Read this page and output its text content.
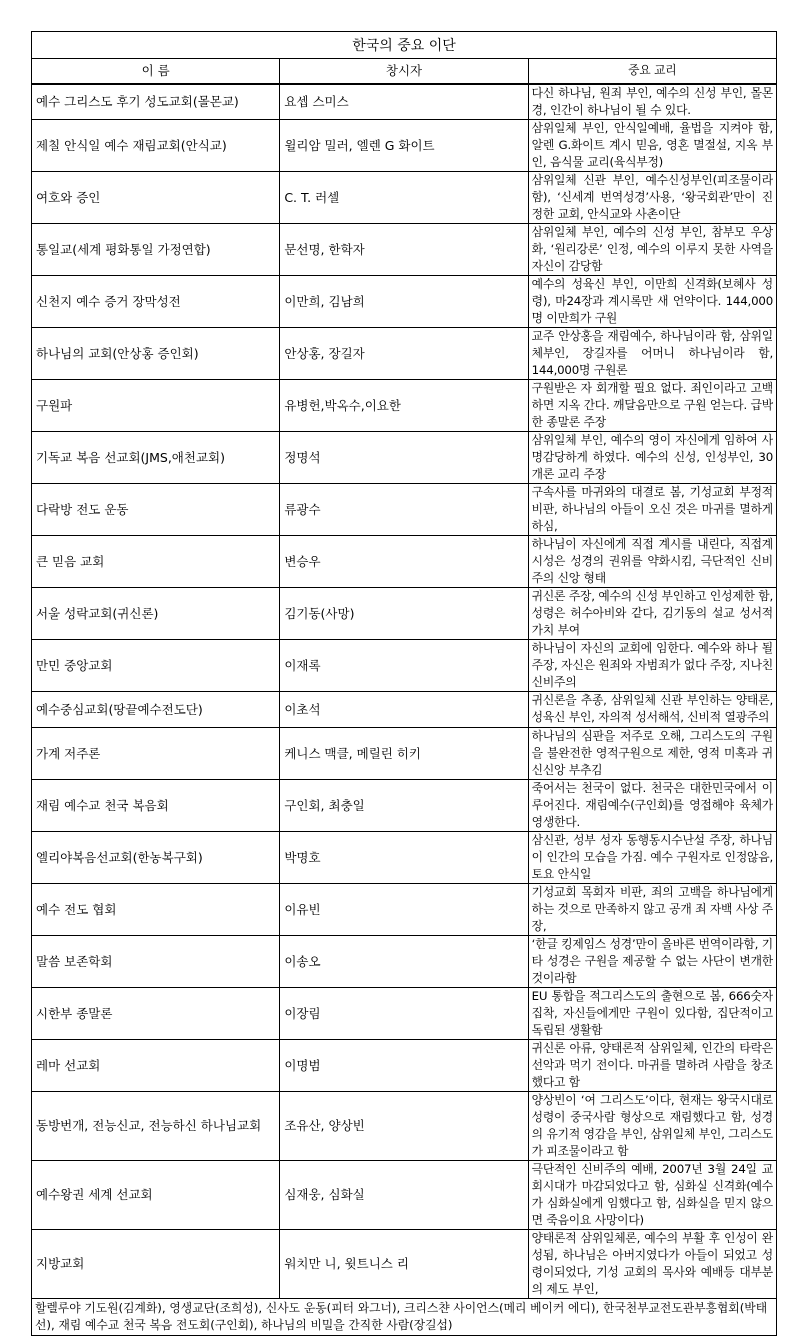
한국의 중요 이단		
이 름	창시자	중요 교리
예수 그리스도 후기 성도교회(몰몬교)	요셉 스미스	다신 하나님, 원죄 부인, 예수의 신성 부인, 몰몬경, 인간이 하나님이 될 수 있다.

제칠 안식일 예수 재림교회(안식교)	윌리암 밀러, 엘렌 G 화이트	삼위일체 부인, 안식일예배, 율법을 지켜야 함, 알렌 G.화이트 계시 믿음, 영혼 멸절설, 지옥 부인, 음식물 교리(육식부정)

여호와 증인	C. T. 러셀	삼위일체 신관 부인, 예수신성부인(피조물이라함), ‘신세계 번역성경’사용, ‘왕국회관’만이 진정한 교회, 안식교와 사촌이단

통일교(세계 평화통일 가정연합)	문선명, 한학자	삼위일체 부인, 예수의 신성 부인, 참부모 우상화, ‘원리강론’ 인정, 예수의 이루지 못한 사역을 자신이 감당함

신천지 예수 증거 장막성전	이만희, 김남희	예수의 성육신 부인, 이만희 신격화(보혜사 성령), 마24장과 계시록만 새 언약이다. 144,000명 이만희가 구원

하나님의 교회(안상홍 증인회)	안상홍, 장길자	교주 안상홍을 재림예수, 하나님이라 함, 삼위일체부인, 장길자를 어머니 하나님이라 함, 144,000명 구원론

구원파	유병헌,박옥수,이요한	구원받은 자 회개할 필요 없다. 죄인이라고 고백하면 지옥 간다. 깨달음만으로 구원 얻는다. 급박한 종말론 주장

기독교 복음 선교회(JMS,애천교회)	정명석	삼위일체 부인, 예수의 영이 자신에게 임하여 사명감당하게 하였다. 예수의 신성, 인성부인, 30개론 교리 주장

다락방 전도 운동	류광수	구속사를 마귀와의 대결로 봄, 기성교회 부정적 비판, 하나님의 아들이 오신 것은 마귀를 멸하게 하심,

큰 믿음 교회	변승우	하나님이 자신에게 직접 계시를 내린다, 직접계시성은 성경의 권위를 약화시킴, 극단적인 신비주의 신앙 형태

서울 성락교회(귀신론)	김기동(사망)	귀신론 주장, 예수의 신성 부인하고 인성제한 함, 성령은 허수아비와 같다, 김기동의 설교 성서적 가치 부여

만민 중앙교회	이재록	하나님이 자신의 교회에 임한다. 예수와 하나 될 주장, 자신은 원죄와 자범죄가 없다 주장, 지나친 신비주의

예수중심교회(땅끝예수전도단)	이초석	귀신론을 추종, 삼위일체 신관 부인하는 양태론, 성육신 부인, 자의적 성서해석, 신비적 열광주의

가계 저주론	케니스 맥클, 메릴린 히키	하나님의 심판을 저주로 오해, 그리스도의 구원을 불완전한 영적구원으로 제한, 영적 미혹과 귀신신앙 부추김

재림 예수교 천국 복음회	구인회, 최충일	죽어서는 천국이 없다. 천국은 대한민국에서 이루어진다. 재림예수(구인회)를 영접해야 육체가 영생한다.

엘리야복음선교회(한농복구회)	박명호	삼신관, 성부 성자 동행동시수난설 주장, 하나님이 인간의 모습을 가짐. 예수 구원자로 인정않음, 토요 안식일

예수 전도 협회	이유빈	기성교회 목회자 비판, 죄의 고백을 하나님에게 하는 것으로 만족하지 않고 공개 죄 자백 사상 주장,

말씀 보존학회	이송오	‘한글 킹제임스 성경’만이 올바른 번역이라함, 기타 성경은 구원을 제공할 수 없는 사단이 변개한 것이라함

시한부 종말론	이장림	EU 통합을 적그리스도의 출현으로 봄, 666숫자 집착, 자신들에게만 구원이 있다함, 집단적이고 독립된 생활함

레마 선교회	이명범	귀신론 아류, 양태론적 삼위일체, 인간의 타락은 선악과 먹기 전이다. 마귀를 멸하려 사람을 창조했다고 함

동방번개, 전능신교, 전능하신 하나님교회	조유산, 양상빈	양상빈이 ‘여 그리스도’이다, 현재는 왕국시대로 성령이 중국사람 형상으로 재림했다고 함, 성경의 유기적 영감을 부인, 삼위일체 부인, 그리스도가 피조물이라고 함

예수왕권 세계 선교회	심재웅, 심화실	극단적인 신비주의 예배, 2007년 3월 24일 교회시대가 마감되었다고 함, 심화실 신격화(예수가 심화실에게 임했다고 함, 심화실을 믿지 않으면 죽음이요 사망이다)

지방교회	워치만 니, 윗트니스 리	양태론적 삼위일체론, 예수의 부활 후 인성이 완성됨, 하나님은 아버지였다가 아들이 되었고 성령이되었다, 기성 교회의 목사와 예배등 대부분의 제도 부인,

할렐루야 기도원(김계화), 영생교단(조희성), 신사도 운동(피터 와그너), 크리스챤 사이언스(메리 베이커 에디), 한국천부교전도관부흥협회(박태선), 재림 예수교 천국 복음 전도회(구인회), 하나님의 비밀을 간직한 사람(장길섭)		
